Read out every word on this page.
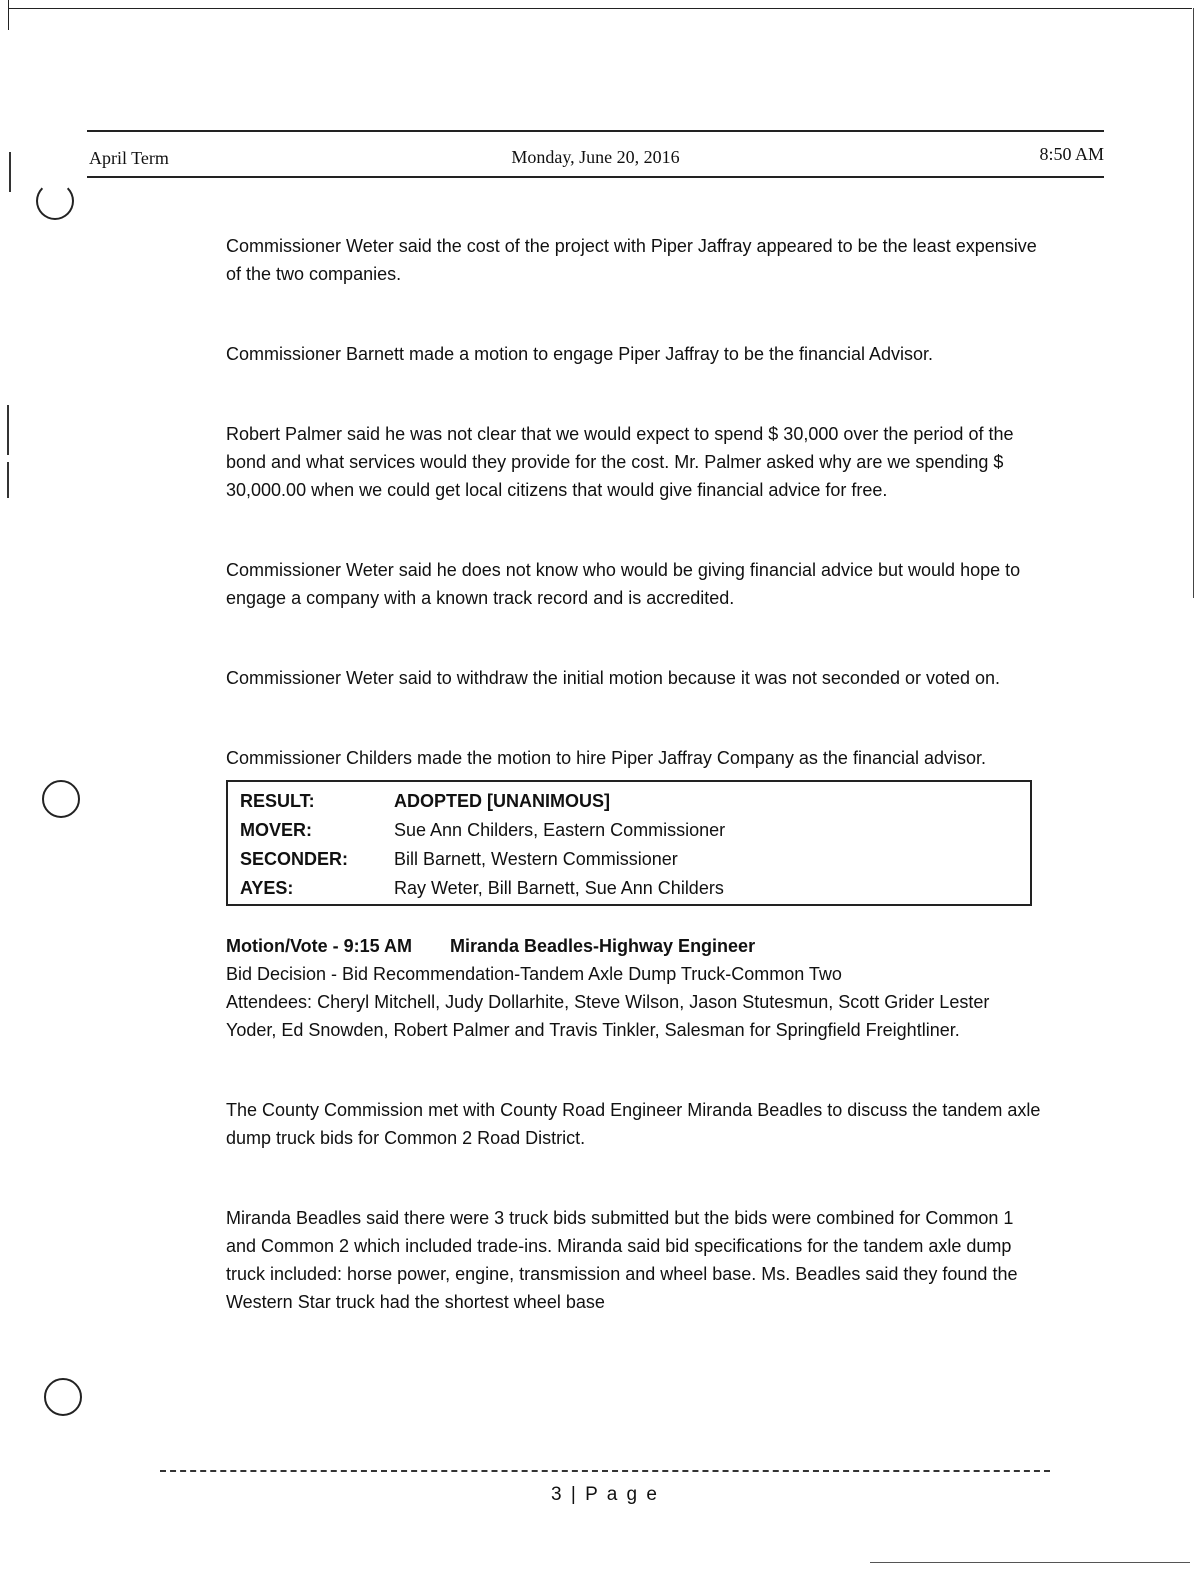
April Term	Monday, June 20, 2016	8:50 AM

Commissioner Weter said the cost of the project with Piper Jaffray appeared to be the least expensive of the two companies.

Commissioner Barnett made a motion to engage Piper Jaffray to be the financial Advisor.

Robert Palmer said he was not clear that we would expect to spend $ 30,000 over the period of the bond and what services would they provide for the cost. Mr. Palmer asked why are we spending $ 30,000.00 when we could get local citizens that would give financial advice for free.

Commissioner Weter said he does not know who would be giving financial advice but would hope to engage a company with a known track record and is accredited.

Commissioner Weter said to withdraw the initial motion because it was not seconded or voted on.

Commissioner Childers made the motion to hire Piper Jaffray Company as the financial advisor.

RESULT:	ADOPTED [UNANIMOUS]
MOVER:	Sue Ann Childers, Eastern Commissioner
SECONDER:	Bill Barnett, Western Commissioner
AYES:	Ray Weter, Bill Barnett, Sue Ann Childers
Motion/Vote - 9:15 AM Miranda Beadles-Highway Engineer
Bid Decision - Bid Recommendation-Tandem Axle Dump Truck-Common Two
Attendees: Cheryl Mitchell, Judy Dollarhite, Steve Wilson, Jason Stutesmun, Scott Grider Lester Yoder, Ed Snowden, Robert Palmer and Travis Tinkler, Salesman for Springfield Freightliner.

The County Commission met with County Road Engineer Miranda Beadles to discuss the tandem axle dump truck bids for Common 2 Road District.

Miranda Beadles said there were 3 truck bids submitted but the bids were combined for Common 1 and Common 2 which included trade-ins. Miranda said bid specifications for the tandem axle dump truck included: horse power, engine, transmission and wheel base. Ms. Beadles said they found the Western Star truck had the shortest wheel base

3 | P a g e
